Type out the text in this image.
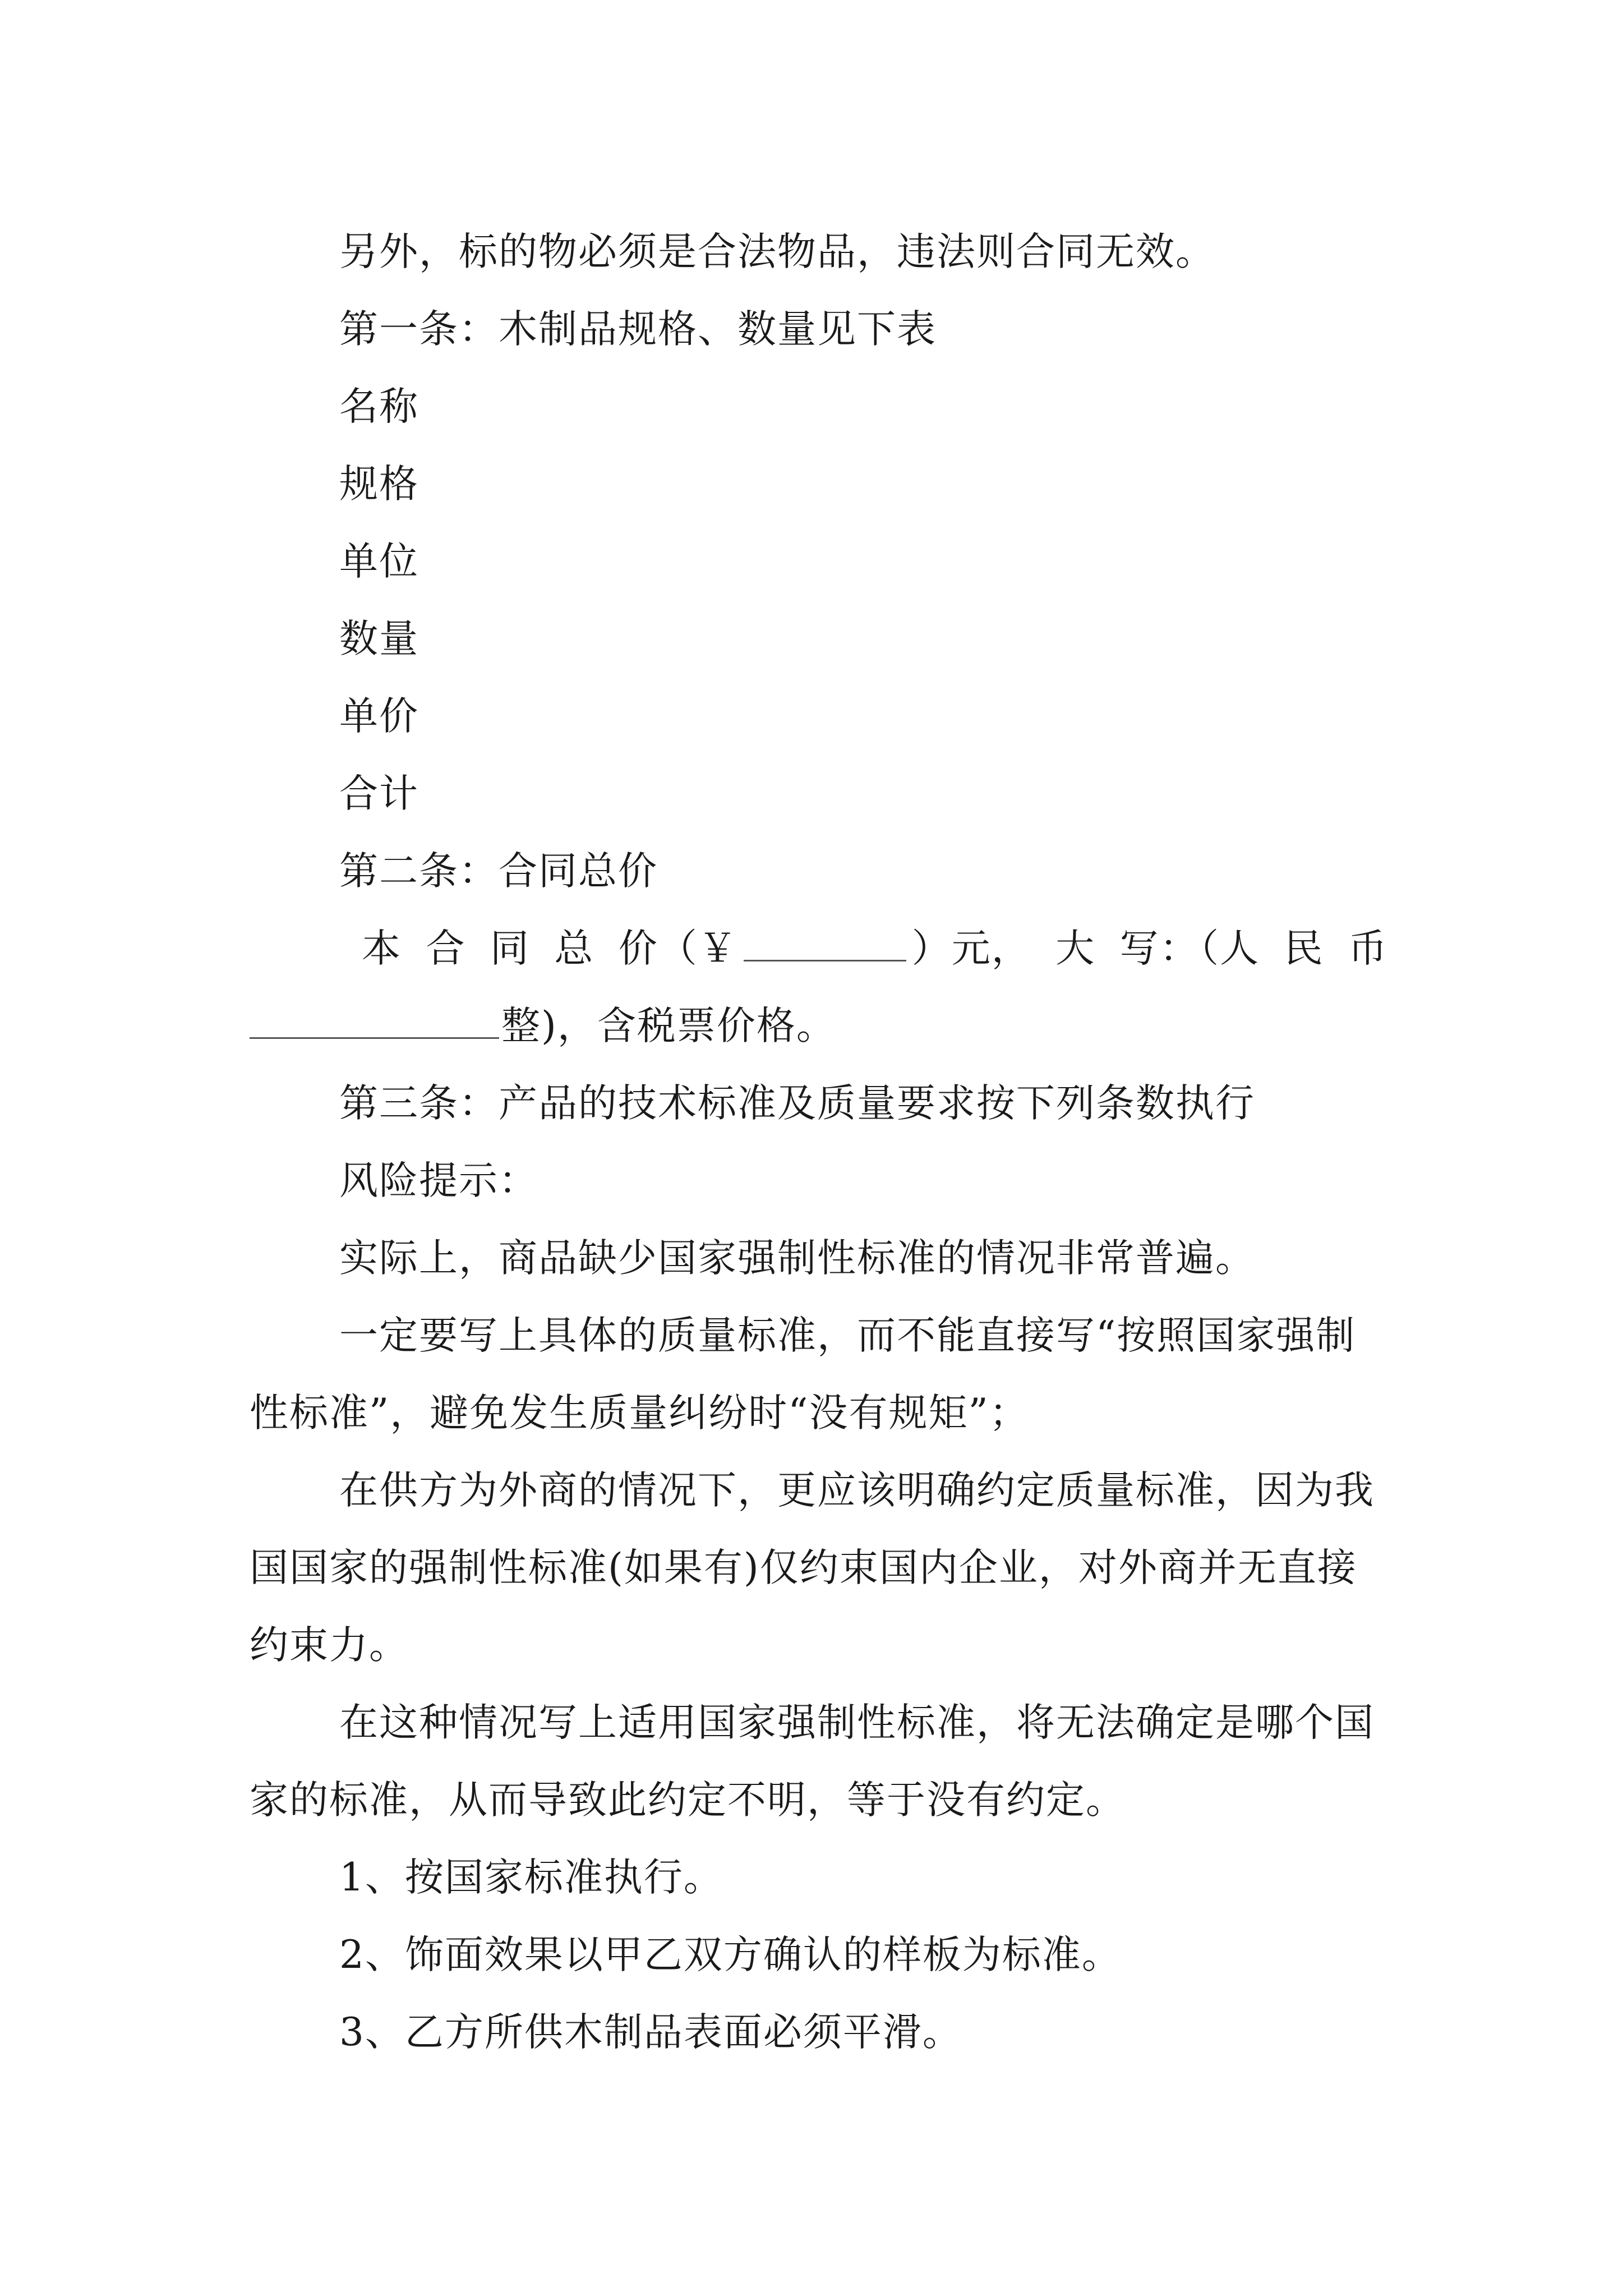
另外，标的物必须是合法物品，违法则合同无效。
第一条：木制品规格、数量见下表
名称
规格
单位
数量
单价
合计
第二条：合同总价
本 合 同 总 价（￥	）元， 大 写：（人 民 币
整)，含税票价格。
第三条：产品的技术标准及质量要求按下列条数执行
风险提示：
实际上，商品缺少国家强制性标准的情况非常普遍。
一定要写上具体的质量标准，而不能直接写“按照国家强制性标准”，避免发生质量纠纷时“没有规矩”；
在供方为外商的情况下，更应该明确约定质量标准，因为我国国家的强制性标准(如果有)仅约束国内企业，对外商并无直接约束力。
在这种情况写上适用国家强制性标准，将无法确定是哪个国家的标准，从而导致此约定不明，等于没有约定。
1、按国家标准执行。
2、饰面效果以甲乙双方确认的样板为标准。
3、乙方所供木制品表面必须平滑。
